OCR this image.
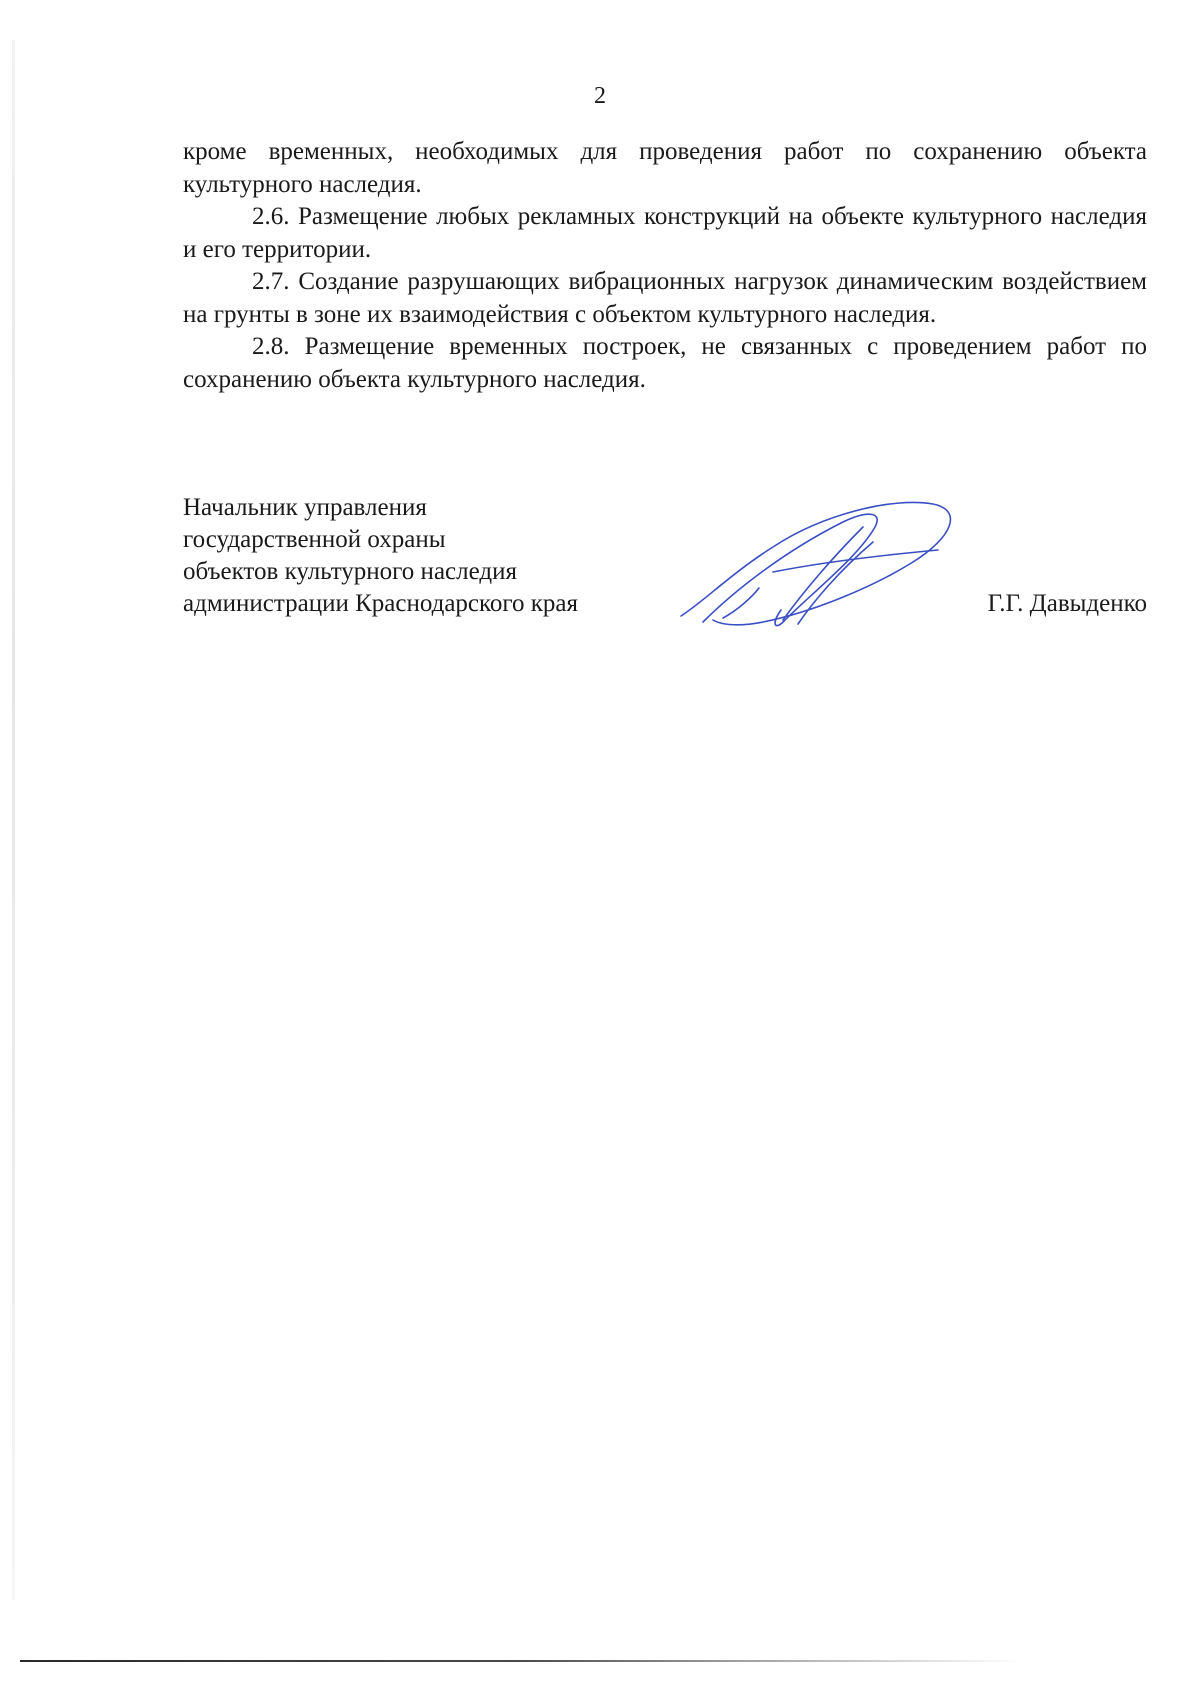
2

кроме временных, необходимых для проведения работ по сохранению объекта культурного наследия.

2.6. Размещение любых рекламных конструкций на объекте культурного наследия и его территории.

2.7. Создание разрушающих вибрационных нагрузок динамическим воздействием на грунты в зоне их взаимодействия с объектом культурного наследия.

2.8. Размещение временных построек, не связанных с проведением работ по сохранению объекта культурного наследия.

Начальник управления
государственной охраны
объектов культурного наследия
администрации Краснодарского края	Г.Г. Давыденко
